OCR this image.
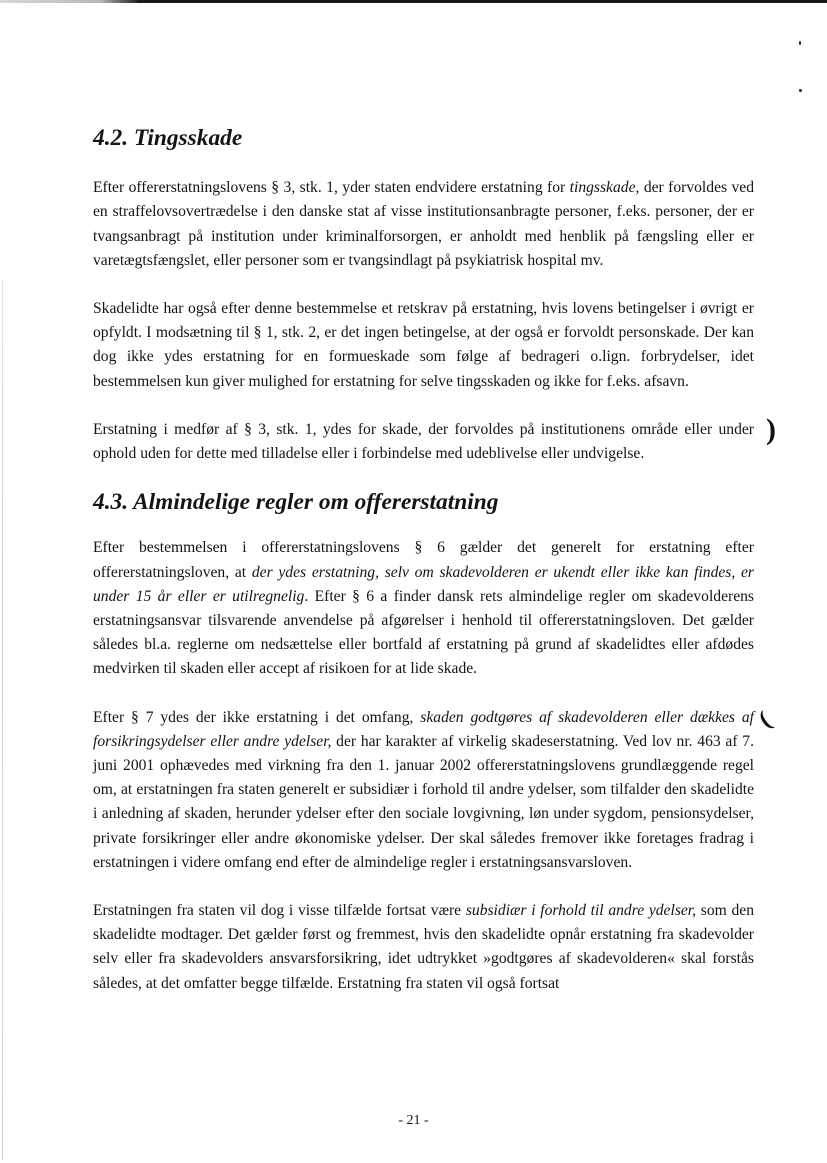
)
(
4.2. Tingsskade

Efter offererstatningslovens § 3, stk. 1, yder staten endvidere erstatning for tingsskade, der forvoldes ved en straffelovsovertrædelse i den danske stat af visse institutionsanbragte personer, f.eks. personer, der er tvangsanbragt på institution under kriminalforsorgen, er anholdt med henblik på fængsling eller er varetægtsfængslet, eller personer som er tvangsindlagt på psykiatrisk hospital mv.

Skadelidte har også efter denne bestemmelse et retskrav på erstatning, hvis lovens betingelser i øvrigt er opfyldt. I modsætning til § 1, stk. 2, er det ingen betingelse, at der også er forvoldt personskade. Der kan dog ikke ydes erstatning for en formueskade som følge af bedrageri o.lign. forbrydelser, idet bestemmelsen kun giver mulighed for erstatning for selve tingsskaden og ikke for f.eks. afsavn.

Erstatning i medfør af § 3, stk. 1, ydes for skade, der forvoldes på institutionens område eller under ophold uden for dette med tilladelse eller i forbindelse med udeblivelse eller undvigelse.

4.3. Almindelige regler om offererstatning

Efter bestemmelsen i offererstatningslovens § 6 gælder det generelt for erstatning efter offererstatningsloven, at der ydes erstatning, selv om skadevolderen er ukendt eller ikke kan findes, er under 15 år eller er utilregnelig. Efter § 6 a finder dansk rets almindelige regler om skadevolderens erstatningsansvar tilsvarende anvendelse på afgørelser i henhold til offererstatningsloven. Det gælder således bl.a. reglerne om nedsættelse eller bortfald af erstatning på grund af skadelidtes eller afdødes medvirken til skaden eller accept af risikoen for at lide skade.

Efter § 7 ydes der ikke erstatning i det omfang, skaden godtgøres af skadevolderen eller dækkes af forsikringsydelser eller andre ydelser, der har karakter af virkelig skadeserstatning. Ved lov nr. 463 af 7. juni 2001 ophævedes med virkning fra den 1. januar 2002 offererstatningslovens grundlæggende regel om, at erstatningen fra staten generelt er subsidiær i forhold til andre ydelser, som tilfalder den skadelidte i anledning af skaden, herunder ydelser efter den sociale lovgivning, løn under sygdom, pensionsydelser, private forsikringer eller andre økonomiske ydelser. Der skal således fremover ikke foretages fradrag i erstatningen i videre omfang end efter de almindelige regler i erstatningsansvarsloven.

Erstatningen fra staten vil dog i visse tilfælde fortsat være subsidiær i forhold til andre ydelser, som den skadelidte modtager. Det gælder først og fremmest, hvis den skadelidte opnår erstatning fra skadevolder selv eller fra skadevolders ansvarsforsikring, idet udtrykket »godtgøres af skadevolderen« skal forstås således, at det omfatter begge tilfælde. Erstatning fra staten vil også fortsat

- 21 -
